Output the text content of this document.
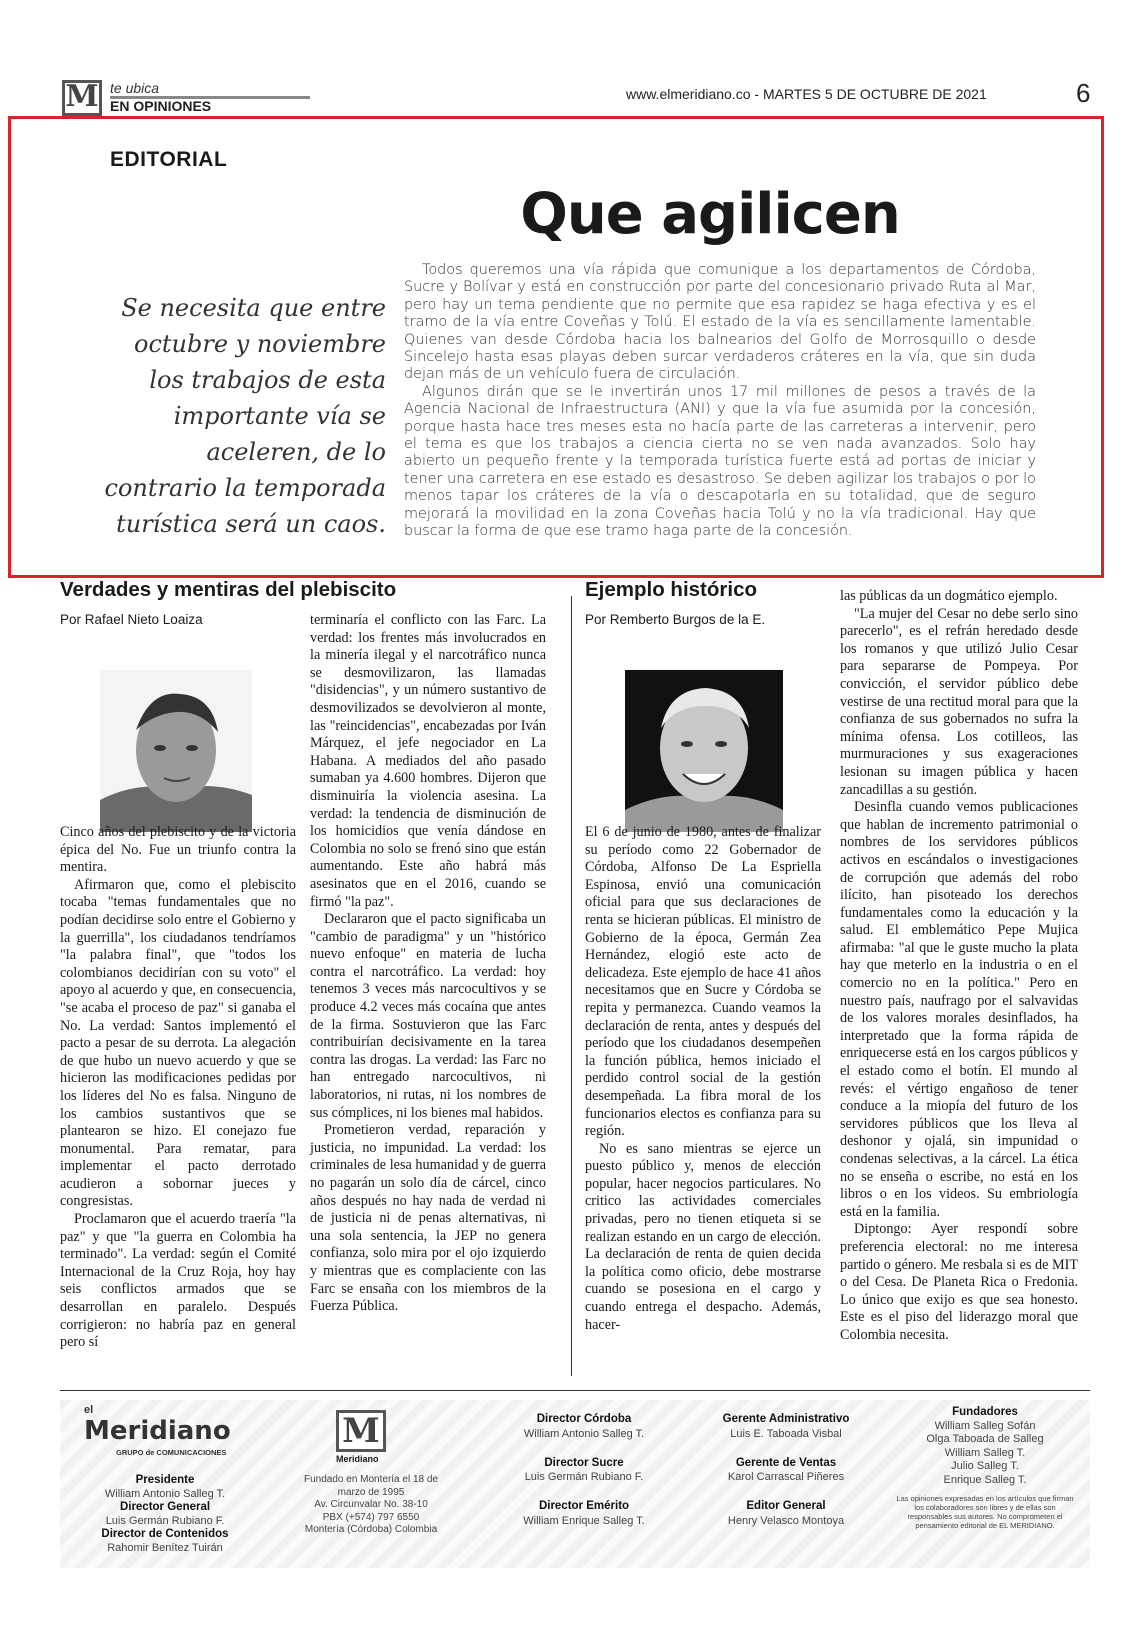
M te ubica
EN OPINIONES
www.elmeridiano.co - MARTES 5 DE OCTUBRE DE 2021	6
EDITORIAL
Que agilicen
Se necesita que entre octubre y noviembre los trabajos de esta importante vía se aceleren, de lo contrario la temporada turística será un caos.

Todos queremos una vía rápida que comunique a los departamentos de Córdoba, Sucre y Bolívar y está en construcción por parte del concesionario privado Ruta al Mar, pero hay un tema pendiente que no permite que esa rapidez se haga efectiva y es el tramo de la vía entre Coveñas y Tolú. El estado de la vía es sencillamente lamentable. Quienes van desde Córdoba hacia los balnearios del Golfo de Morrosquillo o desde Sincelejo hasta esas playas deben surcar verdaderos cráteres en la vía, que sin duda dejan más de un vehículo fuera de circulación.

Algunos dirán que se le invertirán unos 17 mil millones de pesos a través de la Agencia Nacional de Infraestructura (ANI) y que la vía fue asumida por la concesión, porque hasta hace tres meses esta no hacía parte de las carreteras a intervenir, pero el tema es que los trabajos a ciencia cierta no se ven nada avanzados. Solo hay abierto un pequeño frente y la temporada turística fuerte está ad portas de iniciar y tener una carretera en ese estado es desastroso. Se deben agilizar los trabajos o por lo menos tapar los cráteres de la vía o descapotarla en su totalidad, que de seguro mejorará la movilidad en la zona Coveñas hacia Tolú y no la vía tradicional. Hay que buscar la forma de que ese tramo haga parte de la concesión.

Verdades y mentiras del plebiscito
Por Rafael Nieto Loaiza

Cinco años del plebiscito y de la victoria épica del No. Fue un triunfo contra la mentira.

Afirmaron que, como el plebiscito tocaba "temas fundamentales que no podían decidirse solo entre el Gobierno y la guerrilla", los ciudadanos tendríamos "la palabra final", que "todos los colombianos decidirían con su voto" el apoyo al acuerdo y que, en consecuencia, "se acaba el proceso de paz" si ganaba el No. La verdad: Santos implementó el pacto a pesar de su derrota. La alegación de que hubo un nuevo acuerdo y que se hicieron las modificaciones pedidas por los líderes del No es falsa. Ninguno de los cambios sustantivos que se plantearon se hizo. El conejazo fue monumental. Para rematar, para implementar el pacto derrotado acudieron a sobornar jueces y congresistas.

Proclamaron que el acuerdo traería "la paz" y que "la guerra en Colombia ha terminado". La verdad: según el Comité Internacional de la Cruz Roja, hoy hay seis conflictos armados que se desarrollan en paralelo. Después corrigieron: no habría paz en general pero sí

terminaría el conflicto con las Farc. La verdad: los frentes más involucrados en la minería ilegal y el narcotráfico nunca se desmovilizaron, las llamadas "disidencias", y un número sustantivo de desmovilizados se devolvieron al monte, las "reincidencias", encabezadas por Iván Márquez, el jefe negociador en La Habana. A mediados del año pasado sumaban ya 4.600 hombres. Dijeron que disminuiría la violencia asesina. La verdad: la tendencia de disminución de los homicidios que venía dándose en Colombia no solo se frenó sino que están aumentando. Este año habrá más asesinatos que en el 2016, cuando se firmó "la paz".

Declararon que el pacto significaba un "cambio de paradigma" y un "histórico nuevo enfoque" en materia de lucha contra el narcotráfico. La verdad: hoy tenemos 3 veces más narcocultivos y se produce 4.2 veces más cocaína que antes de la firma. Sostuvieron que las Farc contribuirían decisivamente en la tarea contra las drogas. La verdad: las Farc no han entregado narcocultivos, ni laboratorios, ni rutas, ni los nombres de sus cómplices, ni los bienes mal habidos.

Prometieron verdad, reparación y justicia, no impunidad. La verdad: los criminales de lesa humanidad y de guerra no pagarán un solo día de cárcel, cinco años después no hay nada de verdad ni de justicia ni de penas alternativas, ni una sola sentencia, la JEP no genera confianza, solo mira por el ojo izquierdo y mientras que es complaciente con las Farc se ensaña con los miembros de la Fuerza Pública.

Ejemplo histórico
Por Remberto Burgos de la E.

El 6 de junio de 1980, antes de finalizar su período como 22 Gobernador de Córdoba, Alfonso De La Espriella Espinosa, envió una comunicación oficial para que sus declaraciones de renta se hicieran públicas. El ministro de Gobierno de la época, Germán Zea Hernández, elogió este acto de delicadeza. Este ejemplo de hace 41 años necesitamos que en Sucre y Córdoba se repita y permanezca. Cuando veamos la declaración de renta, antes y después del período que los ciudadanos desempeñen la función pública, hemos iniciado el perdido control social de la gestión desempeñada. La fibra moral de los funcionarios electos es confianza para su región.

No es sano mientras se ejerce un puesto público y, menos de elección popular, hacer negocios particulares. No critico las actividades comerciales privadas, pero no tienen etiqueta si se realizan estando en un cargo de elección. La declaración de renta de quien decida la política como oficio, debe mostrarse cuando se posesiona en el cargo y cuando entrega el despacho. Además, hacer-

las públicas da un dogmático ejemplo.

"La mujer del Cesar no debe serlo sino parecerlo", es el refrán heredado desde los romanos y que utilizó Julio Cesar para separarse de Pompeya. Por convicción, el servidor público debe vestirse de una rectitud moral para que la confianza de sus gobernados no sufra la mínima ofensa. Los cotilleos, las murmuraciones y sus exageraciones lesionan su imagen pública y hacen zancadillas a su gestión.

Desinfla cuando vemos publicaciones que hablan de incremento patrimonial o nombres de los servidores públicos activos en escándalos o investigaciones de corrupción que además del robo ilícito, han pisoteado los derechos fundamentales como la educación y la salud. El emblemático Pepe Mujica afirmaba: "al que le guste mucho la plata hay que meterlo en la industria o en el comercio no en la política." Pero en nuestro país, naufrago por el salvavidas de los valores morales desinflados, ha interpretado que la forma rápida de enriquecerse está en los cargos públicos y el estado como el botín. El mundo al revés: el vértigo engañoso de tener conduce a la miopía del futuro de los servidores públicos que los lleva al deshonor y ojalá, sin impunidad o condenas selectivas, a la cárcel. La ética no se enseña o escribe, no está en los libros o en los videos. Su embriología está en la familia.

Diptongo: Ayer respondí sobre preferencia electoral: no me interesa partido o género. Me resbala si es de MIT o del Cesa. De Planeta Rica o Fredonia. Lo único que exijo es que sea honesto. Este es el piso del liderazgo moral que Colombia necesita.

el
Meridiano
GRUPO de COMUNICACIONES
Presidente
William Antonio Salleg T.
Director General
Luis Germán Rubiano F.
Director de Contenidos
Rahomir Benítez Tuirán
M
Meridiano
Fundado en Montería el 18 de marzo de 1995
Av. Circunvalar No. 38-10
PBX (+574) 797 6550
Montería (Córdoba) Colombia
Director Córdoba
William Antonio Salleg T.

Director Sucre
Luis Germán Rubiano F.

Director Emérito
William Enrique Salleg T.
Gerente Administrativo
Luis E. Taboada Visbal

Gerente de Ventas
Karol Carrascal Piñeres

Editor General
Henry Velasco Montoya
Fundadores
William Salleg Sofán
Olga Taboada de Salleg
William Salleg T.
Julio Salleg T.
Enrique Salleg T.
Las opiniones expresadas en los artículos que firman los colaboradores son libres y de ellas son responsables sus autores. No comprometen el pensamiento editorial de EL MERIDIANO.
